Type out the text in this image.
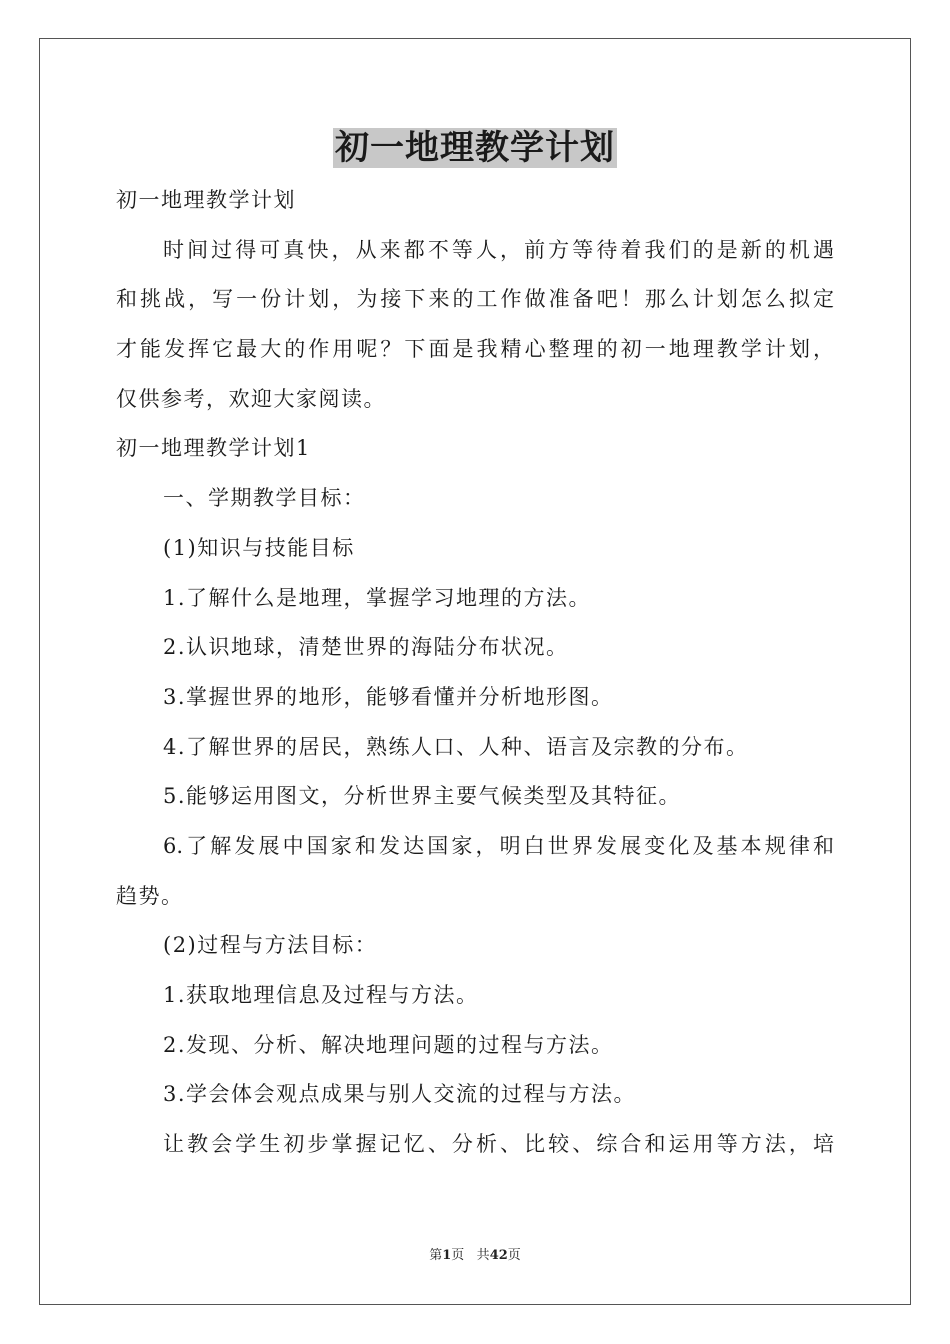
初一地理教学计划

初一地理教学计划

时间过得可真快，从来都不等人，前方等待着我们的是新的机遇

和挑战，写一份计划，为接下来的工作做准备吧！那么计划怎么拟定

才能发挥它最大的作用呢？下面是我精心整理的初一地理教学计划，

仅供参考，欢迎大家阅读。

初一地理教学计划1

一、学期教学目标：

(1)知识与技能目标

1.了解什么是地理，掌握学习地理的方法。

2.认识地球，清楚世界的海陆分布状况。

3.掌握世界的地形，能够看懂并分析地形图。

4.了解世界的居民，熟练人口、人种、语言及宗教的分布。

5.能够运用图文，分析世界主要气候类型及其特征。

6.了解发展中国家和发达国家，明白世界发展变化及基本规律和

趋势。

(2)过程与方法目标：

1.获取地理信息及过程与方法。

2.发现、分析、解决地理问题的过程与方法。

3.学会体会观点成果与别人交流的过程与方法。

让教会学生初步掌握记忆、分析、比较、综合和运用等方法，培

第1页 共42页
